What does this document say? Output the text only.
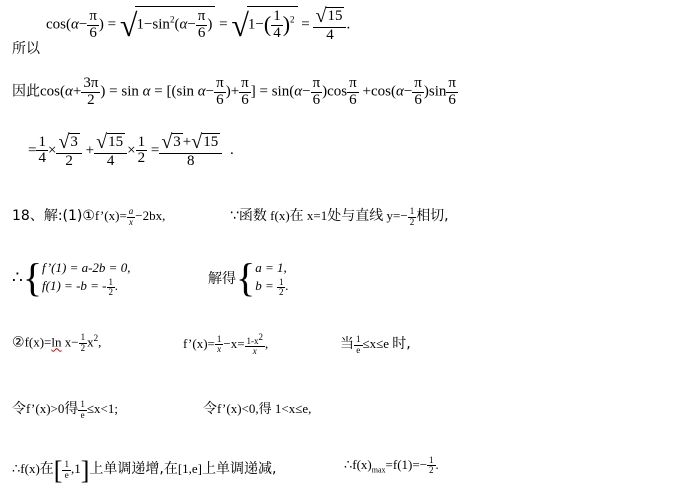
$\cos(\alpha- \frac{\pi}{6}$ ) = $√1-\sin^2(\alpha- \frac{\pi}{6}$ ) = $√1-( \frac{1}{4} )^2 = \frac{√15}{4}$ .
所以
因此$\cos(\alpha+ \frac{3\pi}{2}$ ) = sin α = [(sin $\alpha- \frac{\pi}{6}$ )+ $\frac{\pi}{6}$ ] = $\sin(\alpha- \frac{\pi}{6} )\cos \frac{\pi}{6} +\cos(\alpha- \frac{\pi}{6} )\sin \frac{\pi}{6}$
= $\frac{1}{4} \times \frac{√3}{2} + \frac{√15}{4} \times \frac{1}{2} = \frac{√3 +√15}{8}$ .
18、解:(1)①f’(x)= $\frac{a}{x} -2bx$,	∵函数 f(x)在 x=1处与直线 $y=- \frac{1}{2}$ 相切,
∴{ f’(1) = a-2b = 0,
f(1) = -b = - $\frac{1}{2}$ .	解得{ a = 1,
$b = \frac{1}{2}$ .
②f(x)=ln $x- \frac{1}{2} x^2$,	f’(x)= $\frac{1}{x} -x= \frac{1-x^2}{x}$ ,	当 $\frac{1}{e} \le x\le e$ 时,
令f’(x)>0得 $\frac{1}{e} \le x<1$;	令f’(x)<0,得 1<x≤e,
∴f(x)在[ $\frac{1}{e} ,1$]上单调递增,在[1,e]上单调递减,	$\therefore f(x)_{max}=f(1)=- \frac{1}{2}$ .
